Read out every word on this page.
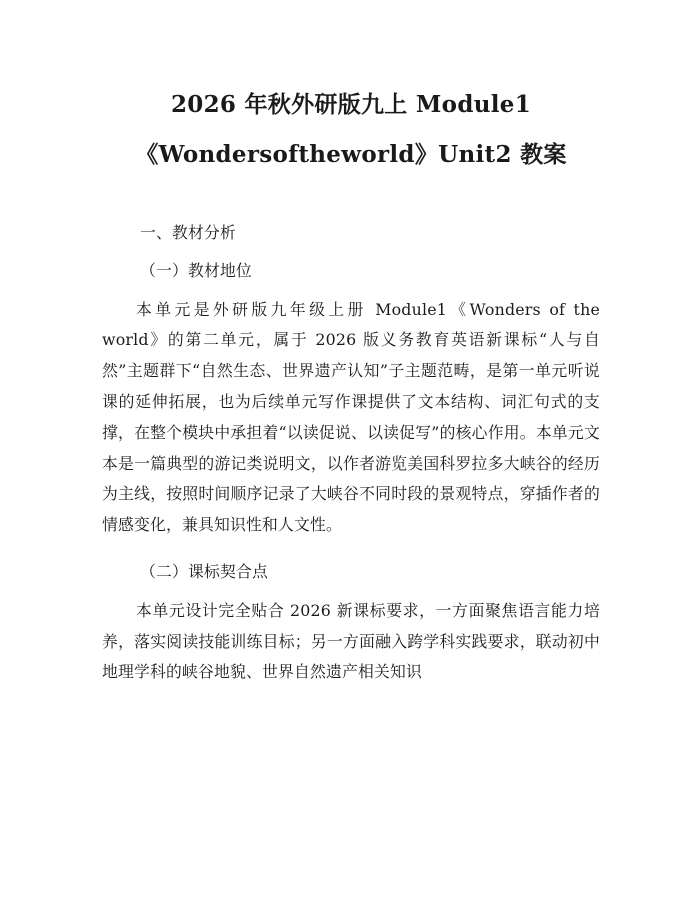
2026 年秋外研版九上 Module1
《Wondersoftheworld》Unit2 教案

一、教材分析

（一）教材地位

本单元是外研版九年级上册 Module1《Wonders of the world》的第二单元，属于 2026 版义务教育英语新课标“人与自然”主题群下“自然生态、世界遗产认知”子主题范畴，是第一单元听说课的延伸拓展，也为后续单元写作课提供了文本结构、词汇句式的支撑，在整个模块中承担着“以读促说、以读促写”的核心作用。本单元文本是一篇典型的游记类说明文，以作者游览美国科罗拉多大峡谷的经历为主线，按照时间顺序记录了大峡谷不同时段的景观特点，穿插作者的情感变化，兼具知识性和人文性。

（二）课标契合点

本单元设计完全贴合 2026 新课标要求，一方面聚焦语言能力培养，落实阅读技能训练目标；另一方面融入跨学科实践要求，联动初中地理学科的峡谷地貌、世界自然遗产相关知识
